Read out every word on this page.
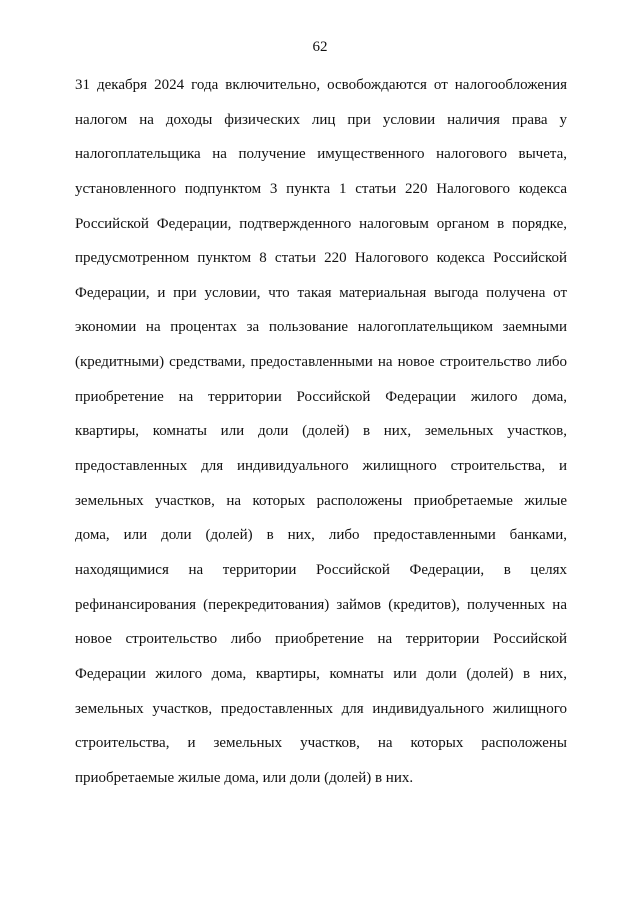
62
31 декабря 2024 года включительно, освобождаются от налогообложения
налогом на доходы физических лиц при условии наличия права у
налогоплательщика на получение имущественного налогового вычета,
установленного подпунктом 3 пункта 1 статьи 220 Налогового кодекса
Российской Федерации, подтвержденного налоговым органом в порядке,
предусмотренном пунктом 8 статьи 220 Налогового кодекса Российской
Федерации, и при условии, что такая материальная выгода получена от
экономии на процентах за пользование налогоплательщиком заемными
(кредитными) средствами, предоставленными на новое строительство либо
приобретение на территории Российской Федерации жилого дома,
квартиры, комнаты или доли (долей) в них, земельных участков,
предоставленных для индивидуального жилищного строительства, и
земельных участков, на которых расположены приобретаемые жилые
дома, или доли (долей) в них, либо предоставленными банками,
находящимися на территории Российской Федерации, в целях
рефинансирования (перекредитования) займов (кредитов), полученных на
новое строительство либо приобретение на территории Российской
Федерации жилого дома, квартиры, комнаты или доли (долей) в них,
земельных участков, предоставленных для индивидуального жилищного
строительства, и земельных участков, на которых расположены
приобретаемые жилые дома, или доли (долей) в них.
